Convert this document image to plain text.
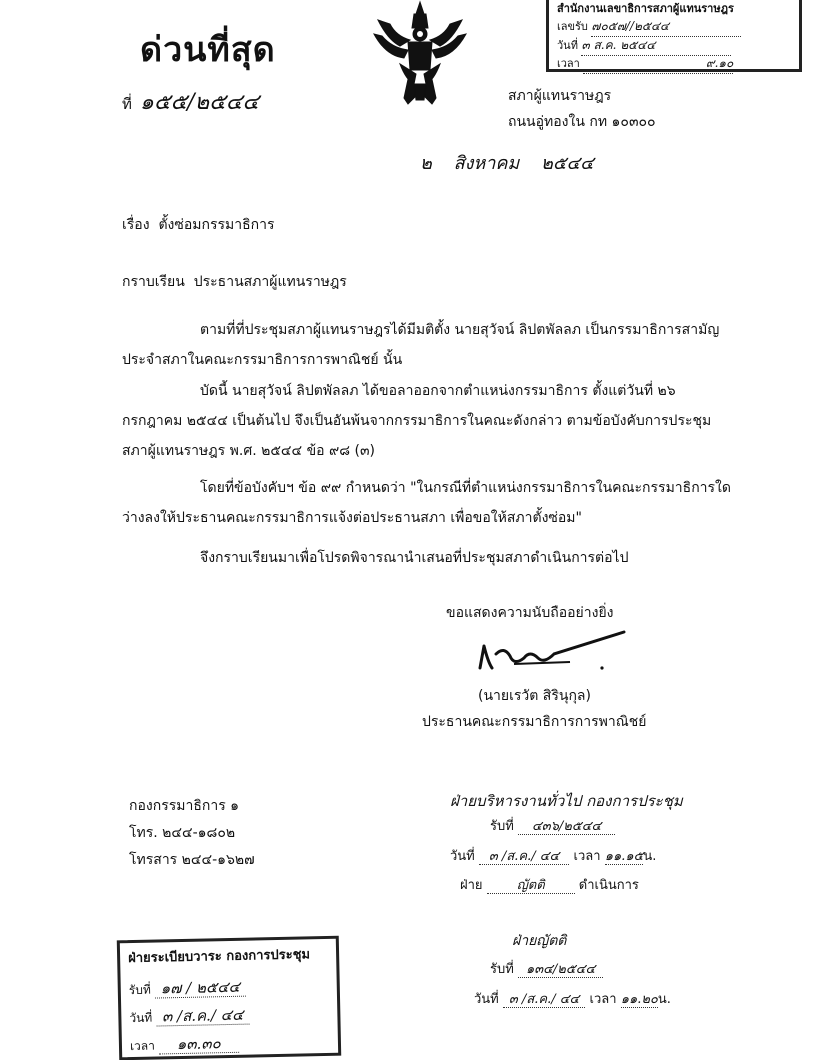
ด่วนที่สุด
ที่ ๑๕๕/๒๕๔๔	สภาผู้แทนราษฎร
ถนนอู่ทองใน กท ๑๐๓๐๐
๒ สิงหาคม ๒๕๔๔
สำนักงานเลขาธิการสภาผู้แทนราษฎร
เลขรับ ๗๐๕๗//๒๕๔๔
วันที่ ๓ ส.ค. ๒๕๔๔
เวลา	๙.๑๐
เรื่อง ตั้งซ่อมกรรมาธิการ
กราบเรียน ประธานสภาผู้แทนราษฎร
ตามที่ที่ประชุมสภาผู้แทนราษฎรได้มีมติตั้ง นายสุวัจน์ ลิปตพัลลภ เป็นกรรมาธิการสามัญ
ประจำสภาในคณะกรรมาธิการการพาณิชย์ นั้น
บัดนี้ นายสุวัจน์ ลิปตพัลลภ ได้ขอลาออกจากตำแหน่งกรรมาธิการ ตั้งแต่วันที่ ๒๖
กรกฎาคม ๒๕๔๔ เป็นต้นไป จึงเป็นอันพ้นจากกรรมาธิการในคณะดังกล่าว ตามข้อบังคับการประชุม
สภาผู้แทนราษฎร พ.ศ. ๒๕๔๔ ข้อ ๙๘ (๓)
โดยที่ข้อบังคับฯ ข้อ ๙๙ กำหนดว่า "ในกรณีที่ตำแหน่งกรรมาธิการในคณะกรรมาธิการใด
ว่างลงให้ประธานคณะกรรมาธิการแจ้งต่อประธานสภา เพื่อขอให้สภาตั้งซ่อม"
จึงกราบเรียนมาเพื่อโปรดพิจารณานำเสนอที่ประชุมสภาดำเนินการต่อไป
ขอแสดงความนับถืออย่างยิ่ง
(นายเรวัต สิรินุกุล)
ประธานคณะกรรมาธิการการพาณิชย์
กองกรรมาธิการ ๑
โทร. ๒๔๔-๑๘๐๒
โทรสาร ๒๔๔-๑๖๒๗
ฝ่ายบริหารงานทั่วไป กองการประชุม
รับที่ ๔๓๖/๒๕๔๔
วันที่ ๓ /ส.ค./ ๔๔ เวลา ๑๑.๑๕น.
ฝ่าย	ญัตติ	ดำเนินการ
ฝ่ายญัตติ
รับที่ ๑๓๔/๒๕๔๔
วันที่ ๓ /ส.ค./ ๔๔ เวลา ๑๑.๒๐น.
ฝ่ายระเบียบวาระ กองการประชุม
รับที่ ๑๗ / ๒๕๔๔
วันที่ ๓ /ส.ค./ ๔๔
เวลา ๑๓.๓๐
